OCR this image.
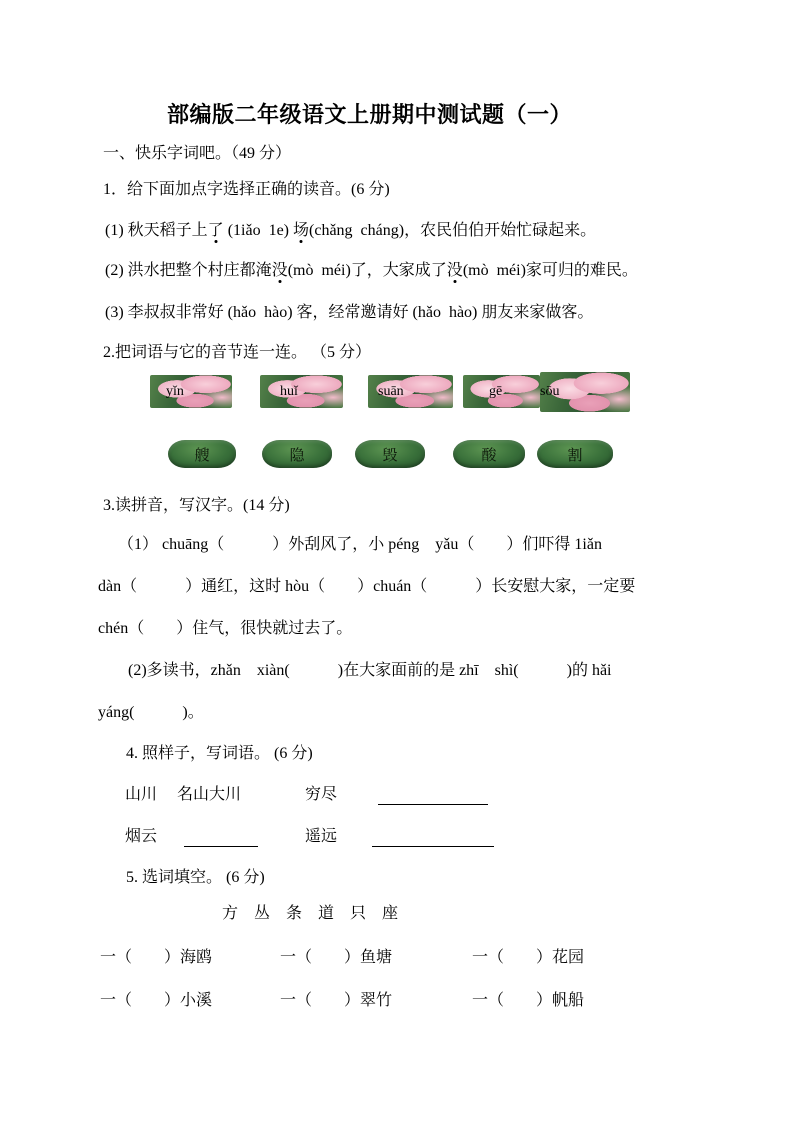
部编版二年级语文上册期中测试题（一）
一、快乐字词吧。（49 分）
1．给下面加点字选择正确的读音。(6 分)
(1) 秋天稻子上了 (1iǎo  1e) 场(chǎng  cháng)，农民伯伯开始忙碌起来。
(2) 洪水把整个村庄都淹没(mò  méi)了，大家成了没(mò  méi)家可归的难民。
(3) 李叔叔非常好 (hǎo  hào) 客，经常邀请好 (hǎo  hào) 朋友来家做客。
2.把词语与它的音节连一连。 （5 分）
yǐn	huǐ	suān	gē	sōu
艘	隐	毁	酸	割
3.读拼音，写汉字。(14 分)
（1） chuāng（　　　）外刮风了，小 péng　yǎu（　　）们吓得 1iǎn
dàn（　　　）通红，这时 hòu（　　）chuán（　　　）长安慰大家，一定要
chén（　　）住气，很快就过去了。
(2)多读书，zhǎn　xiàn(　　　)在大家面前的是 zhī　shì(　　　)的 hǎi
yáng(　　　)。
4. 照样子，写词语。 (6 分)
山川 名山大川	穷尽
烟云	遥远
5. 选词填空。 (6 分)
方　丛　条　道　只　座
一（　　）海鸥	一（　　）鱼塘	一（　　）花园
一（　　）小溪	一（　　）翠竹	一（　　）帆船
